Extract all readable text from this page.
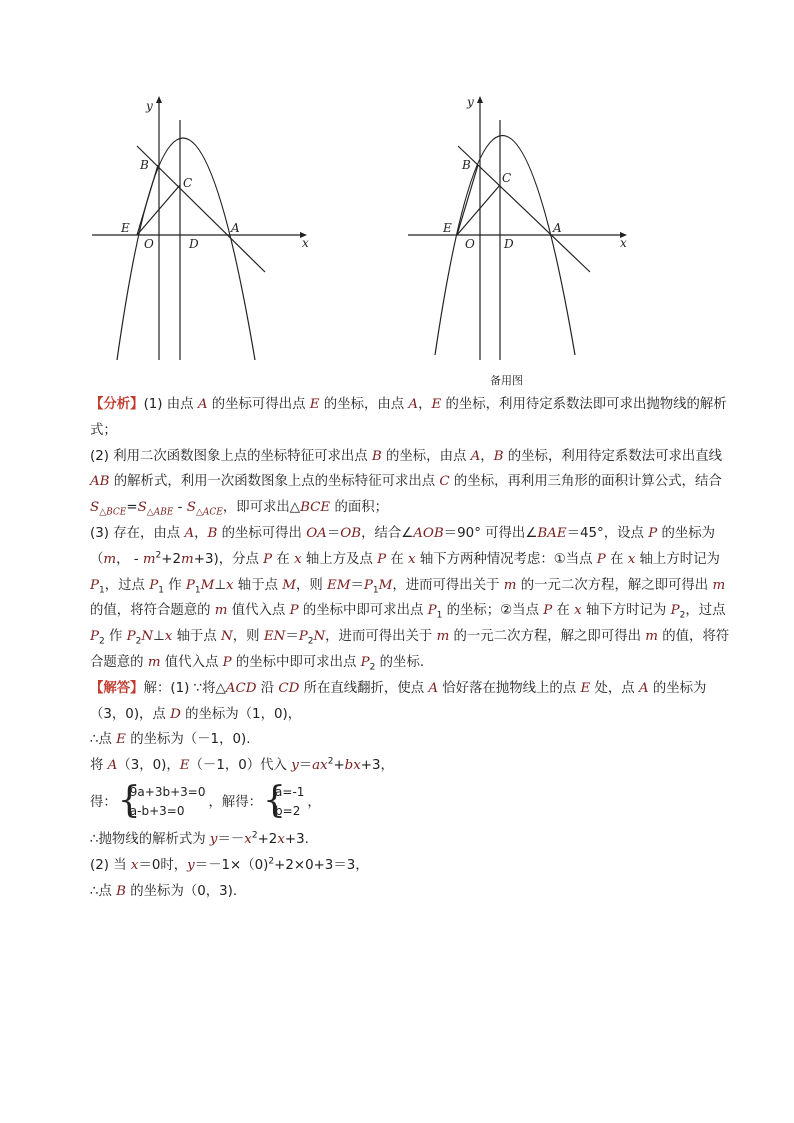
y
x
B
C
E
O	D
A
y
x
B
C
E
O D
A
备用图

【分析】(1) 由点 A 的坐标可得出点 E 的坐标，由点 A，E 的坐标，利用待定系数法即可求出抛物线的解析式；

(2) 利用二次函数图象上点的坐标特征可求出点 B 的坐标，由点 A，B 的坐标，利用待定系数法可求出直线 AB 的解析式，利用一次函数图象上点的坐标特征可求出点 C 的坐标，再利用三角形的面积计算公式，结合 $S_{\triangle BCE}=S_{\triangle ABE} - S_{\triangle ACE}$，即可求出△BCE 的面积；

(3) 存在，由点 A，B 的坐标可得出 OA＝OB，结合∠AOB＝90° 可得出∠BAE＝45°，设点 P 的坐标为（m， - $m^2+2m+3$)，分点 P 在 x 轴上方及点 P 在 x 轴下方两种情况考虑：①当点 P 在 x 轴上方时记为 $P_1$，过点 $P_1$ 作 $P_1M\perp x$ 轴于点 M，则 $EM=P_1M$，进而可得出关于 m 的一元二次方程，解之即可得出 m 的值，将符合题意的 m 值代入点 P 的坐标中即可求出点 $P_1$ 的坐标；②当点 P 在 x 轴下方时记为 $P_2$，过点 $P_2$ 作 $P_2N\perp x$ 轴于点 N，则 $EN=P_2N$，进而可得出关于 m 的一元二次方程，解之即可得出 m 的值，将符合题意的 m 值代入点 P 的坐标中即可求出点 $P_2$ 的坐标.

【解答】解：(1) ∵将△ACD 沿 CD 所在直线翻折，使点 A 恰好落在抛物线上的点 E 处，点 A 的坐标为（3，0)，点 D 的坐标为（1，0)，

∴点 E 的坐标为（－1，0).

将 A（3，0)，E（－1，0）代入 $y=ax^2+bx+3$，

得：
{ 9a+3b+3=0
a-b+3=0
，解得：
{ a=-1
b=2
，

∴抛物线的解析式为 $y=-x^2+2x+3$.

(2) 当 x＝0时，y＝－1×（0)$^2$+2×0+3＝3，

∴点 B 的坐标为（0，3).
